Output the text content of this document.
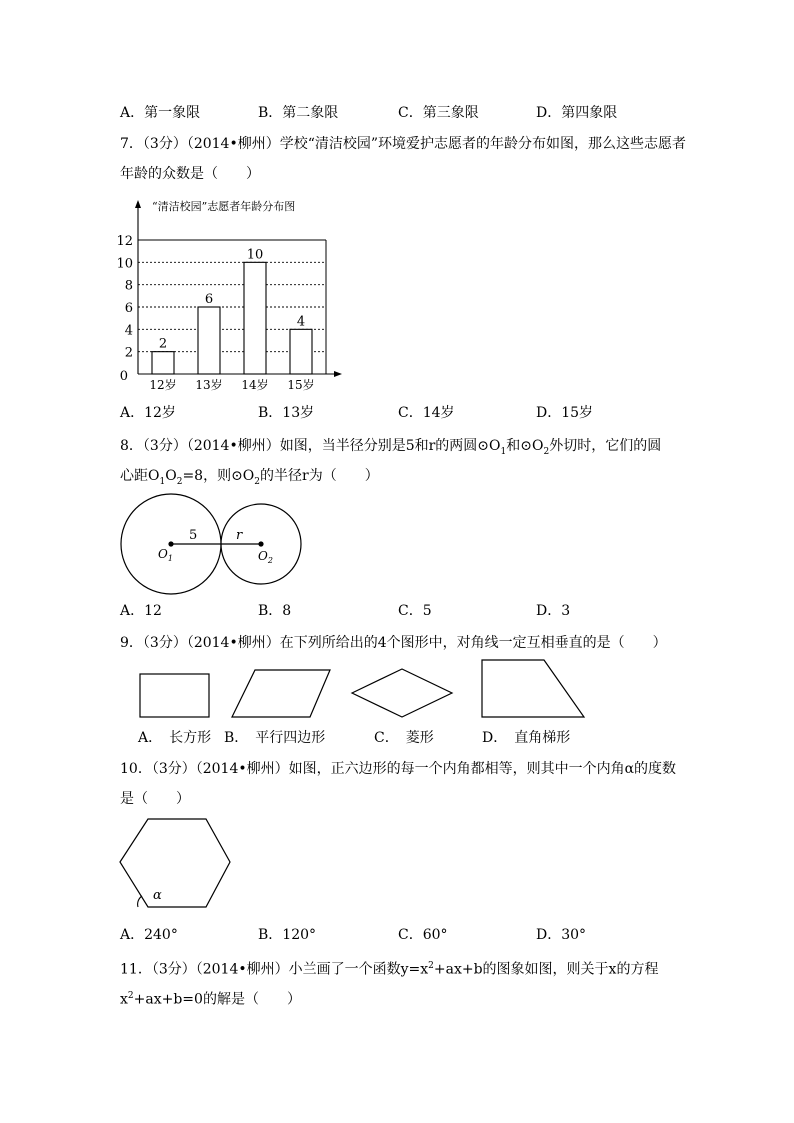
A．第一象限	B．第二象限	C．第三象限	D．第四象限
7．（3分）（2014•柳州）学校“清洁校园”环境爱护志愿者的年龄分布如图，那么这些志愿者
年龄的众数是（　　）
“清洁校园”志愿者年龄分布图
0
2
4
6
8
10
12
2
12岁
6
13岁
10
14岁
4
15岁
A．12岁	B．13岁	C．14岁	D．15岁
8．（3分）（2014•柳州）如图，当半径分别是5和r的两圆$⊙O_1$和$⊙O_2$外切时，它们的圆
心距$O_1O_2=8$，则$⊙O_2$的半径r为（　　）
5	r
$O_1$	$O_2$
A．12	B．8	C．5	D．3
9．（3分）（2014•柳州）在下列所给出的4个图形中，对角线一定互相垂直的是（　　）
A．　长方形 B．　平行四边形	C．　菱形	D．　直角梯形
10．（3分）（2014•柳州）如图，正六边形的每一个内角都相等，则其中一个内角α的度数
是（　　）
α
A．240°	B．120°	C．60°	D．30°
11．（3分）（2014•柳州）小兰画了一个函数$y=x^2+ax+b$的图象如图，则关于x的方程
$x^2+ax+b=0$的解是（　　）
